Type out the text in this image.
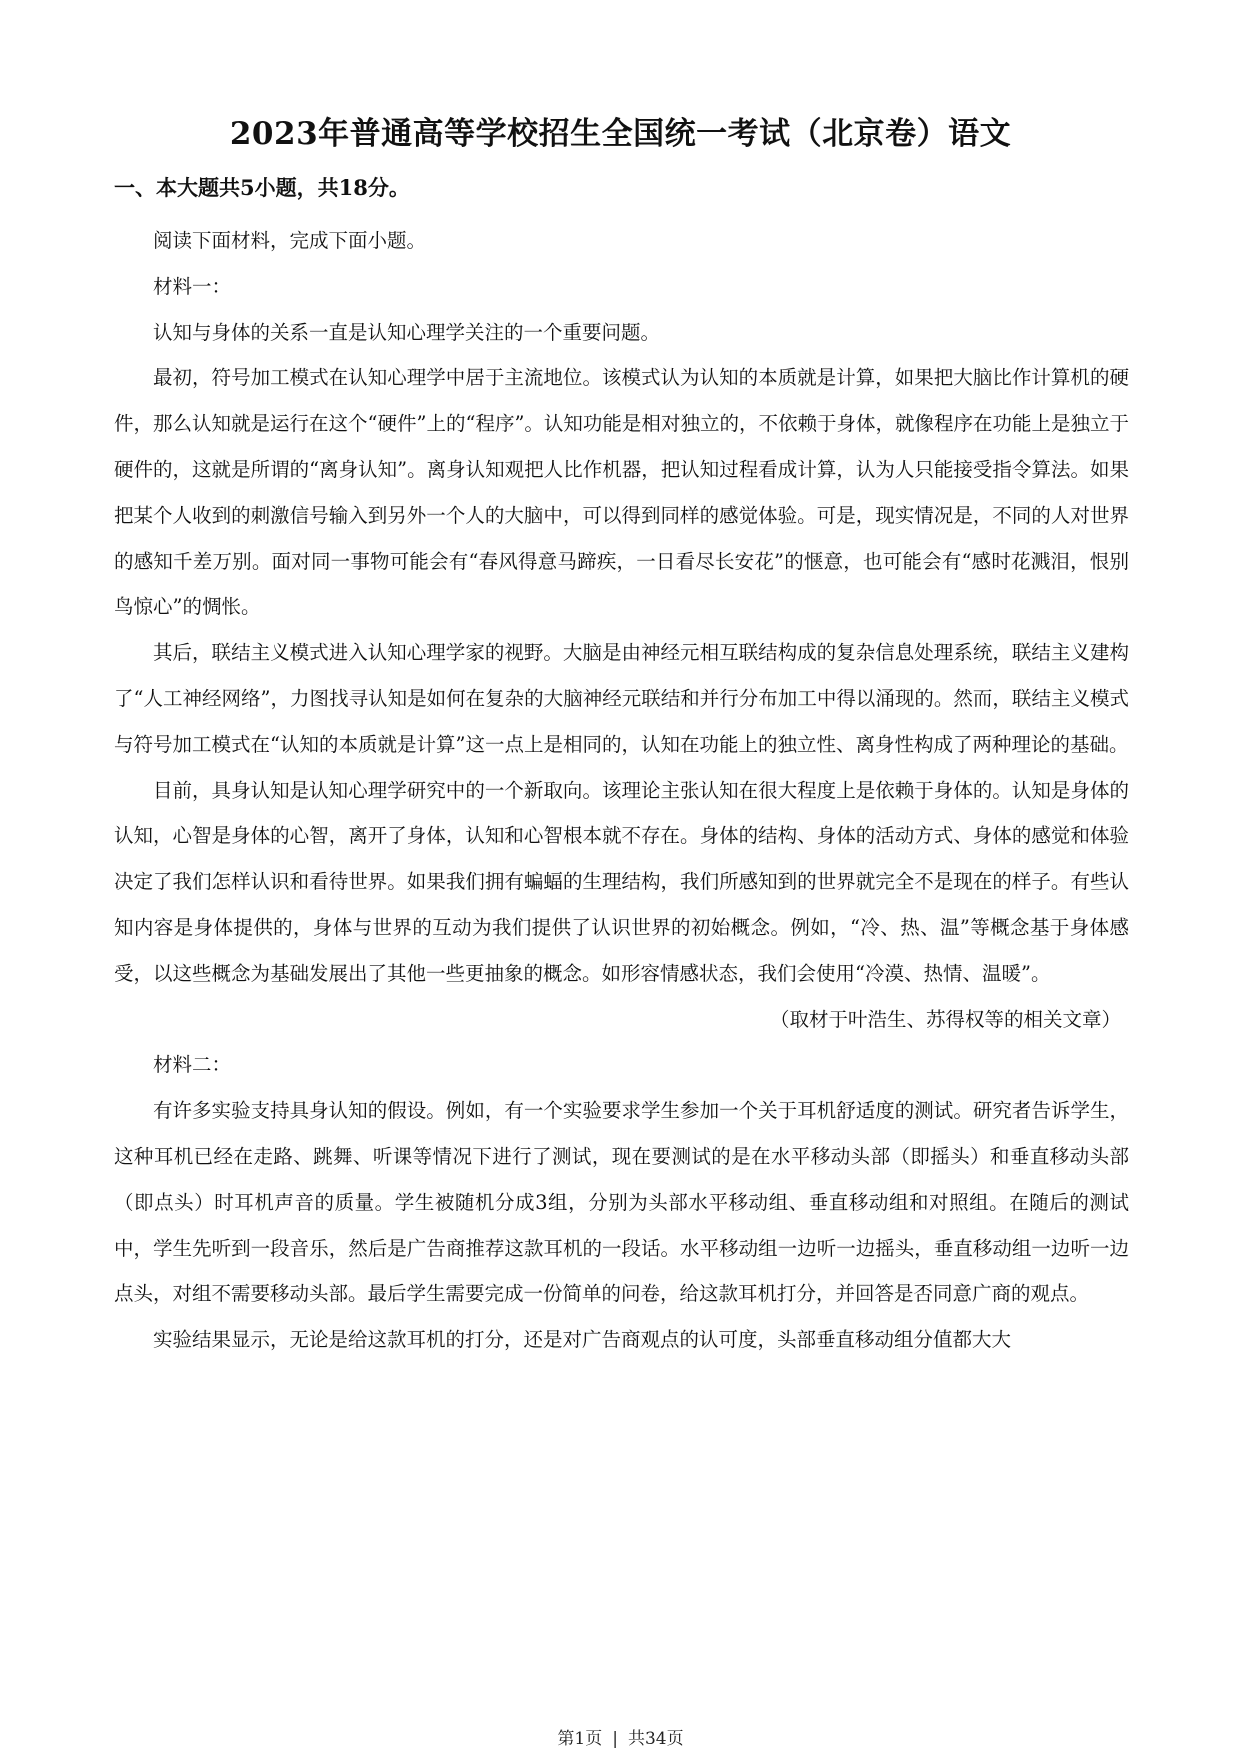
2023年普通高等学校招生全国统一考试（北京卷）语文
一、本大题共5小题，共18分。

阅读下面材料，完成下面小题。

材料一：

认知与身体的关系一直是认知心理学关注的一个重要问题。

最初，符号加工模式在认知心理学中居于主流地位。该模式认为认知的本质就是计算，如果把大脑比作计算机的硬件，那么认知就是运行在这个“硬件”上的“程序”。认知功能是相对独立的，不依赖于身体，就像程序在功能上是独立于硬件的，这就是所谓的“离身认知”。离身认知观把人比作机器，把认知过程看成计算，认为人只能接受指令算法。如果把某个人收到的刺激信号输入到另外一个人的大脑中，可以得到同样的感觉体验。可是，现实情况是，不同的人对世界的感知千差万别。面对同一事物可能会有“春风得意马蹄疾，一日看尽长安花”的惬意，也可能会有“感时花溅泪，恨别鸟惊心”的惆怅。

其后，联结主义模式进入认知心理学家的视野。大脑是由神经元相互联结构成的复杂信息处理系统，联结主义建构了“人工神经网络”，力图找寻认知是如何在复杂的大脑神经元联结和并行分布加工中得以涌现的。然而，联结主义模式与符号加工模式在“认知的本质就是计算”这一点上是相同的，认知在功能上的独立性、离身性构成了两种理论的基础。

目前，具身认知是认知心理学研究中的一个新取向。该理论主张认知在很大程度上是依赖于身体的。认知是身体的认知，心智是身体的心智，离开了身体，认知和心智根本就不存在。身体的结构、身体的活动方式、身体的感觉和体验决定了我们怎样认识和看待世界。如果我们拥有蝙蝠的生理结构，我们所感知到的世界就完全不是现在的样子。有些认知内容是身体提供的，身体与世界的互动为我们提供了认识世界的初始概念。例如，“冷、热、温”等概念基于身体感受，以这些概念为基础发展出了其他一些更抽象的概念。如形容情感状态，我们会使用“冷漠、热情、温暖”。

（取材于叶浩生、苏得权等的相关文章）

材料二：

有许多实验支持具身认知的假设。例如，有一个实验要求学生参加一个关于耳机舒适度的测试。研究者告诉学生，这种耳机已经在走路、跳舞、听课等情况下进行了测试，现在要测试的是在水平移动头部（即摇头）和垂直移动头部（即点头）时耳机声音的质量。学生被随机分成3组，分别为头部水平移动组、垂直移动组和对照组。在随后的测试中，学生先听到一段音乐，然后是广告商推荐这款耳机的一段话。水平移动组一边听一边摇头，垂直移动组一边听一边点头，对组不需要移动头部。最后学生需要完成一份简单的问卷，给这款耳机打分，并回答是否同意广商的观点。

实验结果显示，无论是给这款耳机的打分，还是对广告商观点的认可度，头部垂直移动组分值都大大

第1页 | 共34页
